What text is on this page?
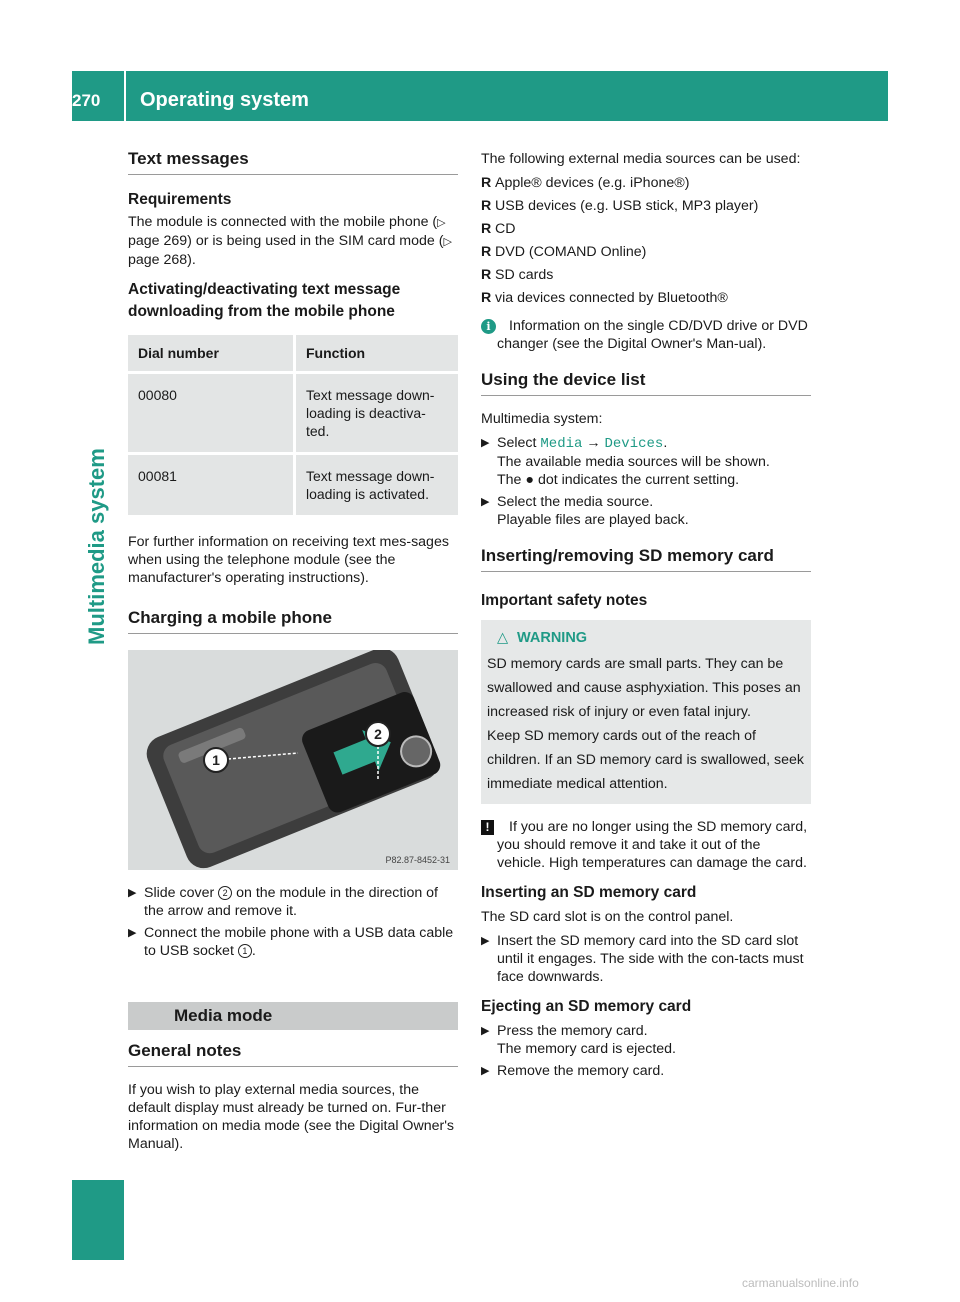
270	Operating system
Multimedia system
Text messages
Requirements

The module is connected with the mobile phone (▷ page 269) or is being used in the SIM card mode (▷ page 268).

Activating/deactivating text message downloading from the mobile phone
Dial number	Function
00080	Text message down-loading is deactiva-ted.
00081	Text message down-loading is activated.

For further information on receiving text mes-sages when using the telephone module (see the manufacturer's operating instructions).

Charging a mobile phone
1
2
P82.87-8452-31
▶ Slide cover 2 on the module in the direction of the arrow and remove it.
▶ Connect the mobile phone with a USB data cable to USB socket 1 .
Media mode
General notes

If you wish to play external media sources, the default display must already be turned on. Fur-ther information on media mode (see the Digital Owner's Manual).

The following external media sources can be used:

R Apple® devices (e.g. iPhone®)
R USB devices (e.g. USB stick, MP3 player)
R CD
R DVD (COMAND Online)
R SD cards
R via devices connected by Bluetooth®
i	Information on the single CD/DVD drive or DVD changer (see the Digital Owner's Man-ual).
Using the device list

Multimedia system:

▶ Select Media → Devices.
The available media sources will be shown.
The ● dot indicates the current setting.
▶ Select the media source.
Playable files are played back.
Inserting/removing SD memory card
Important safety notes
△ WARNING

SD memory cards are small parts. They can be swallowed and cause asphyxiation. This poses an increased risk of injury or even fatal injury.

Keep SD memory cards out of the reach of children. If an SD memory card is swallowed, seek immediate medical attention.

!	If you are no longer using the SD memory card, you should remove it and take it out of the vehicle. High temperatures can damage the card.
Inserting an SD memory card

The SD card slot is on the control panel.

▶ Insert the SD memory card into the SD card slot until it engages. The side with the con-tacts must face downwards.
Ejecting an SD memory card
▶ Press the memory card.
The memory card is ejected.
▶ Remove the memory card.
carmanualsonline.info
